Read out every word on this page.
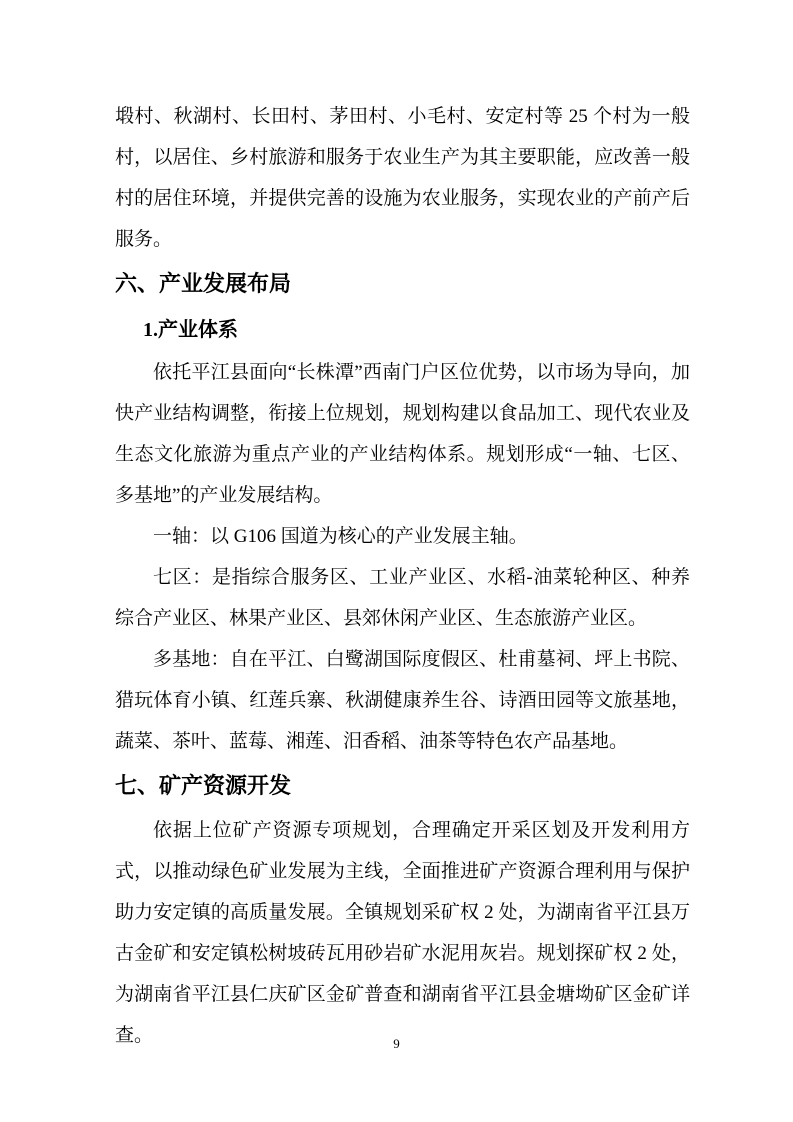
塅村、秋湖村、长田村、茅田村、小毛村、安定村等 25 个村为一般村，以居住、乡村旅游和服务于农业生产为其主要职能，应改善一般村的居住环境，并提供完善的设施为农业服务，实现农业的产前产后服务。

六、产业发展布局
1.产业体系

依托平江县面向“长株潭”西南门户区位优势，以市场为导向，加快产业结构调整，衔接上位规划，规划构建以食品加工、现代农业及生态文化旅游为重点产业的产业结构体系。规划形成“一轴、七区、多基地”的产业发展结构。

一轴：以 G106 国道为核心的产业发展主轴。

七区：是指综合服务区、工业产业区、水稻-油菜轮种区、种养综合产业区、林果产业区、县郊休闲产业区、生态旅游产业区。

多基地：自在平江、白鹭湖国际度假区、杜甫墓祠、坪上书院、猎玩体育小镇、红莲兵寨、秋湖健康养生谷、诗酒田园等文旅基地，蔬菜、茶叶、蓝莓、湘莲、汨香稻、油茶等特色农产品基地。

七、矿产资源开发

依据上位矿产资源专项规划，合理确定开采区划及开发利用方式，以推动绿色矿业发展为主线，全面推进矿产资源合理利用与保护助力安定镇的高质量发展。全镇规划采矿权 2 处，为湖南省平江县万古金矿和安定镇松树坡砖瓦用砂岩矿水泥用灰岩。规划探矿权 2 处，为湖南省平江县仁庆矿区金矿普查和湖南省平江县金塘坳矿区金矿详查。	9
